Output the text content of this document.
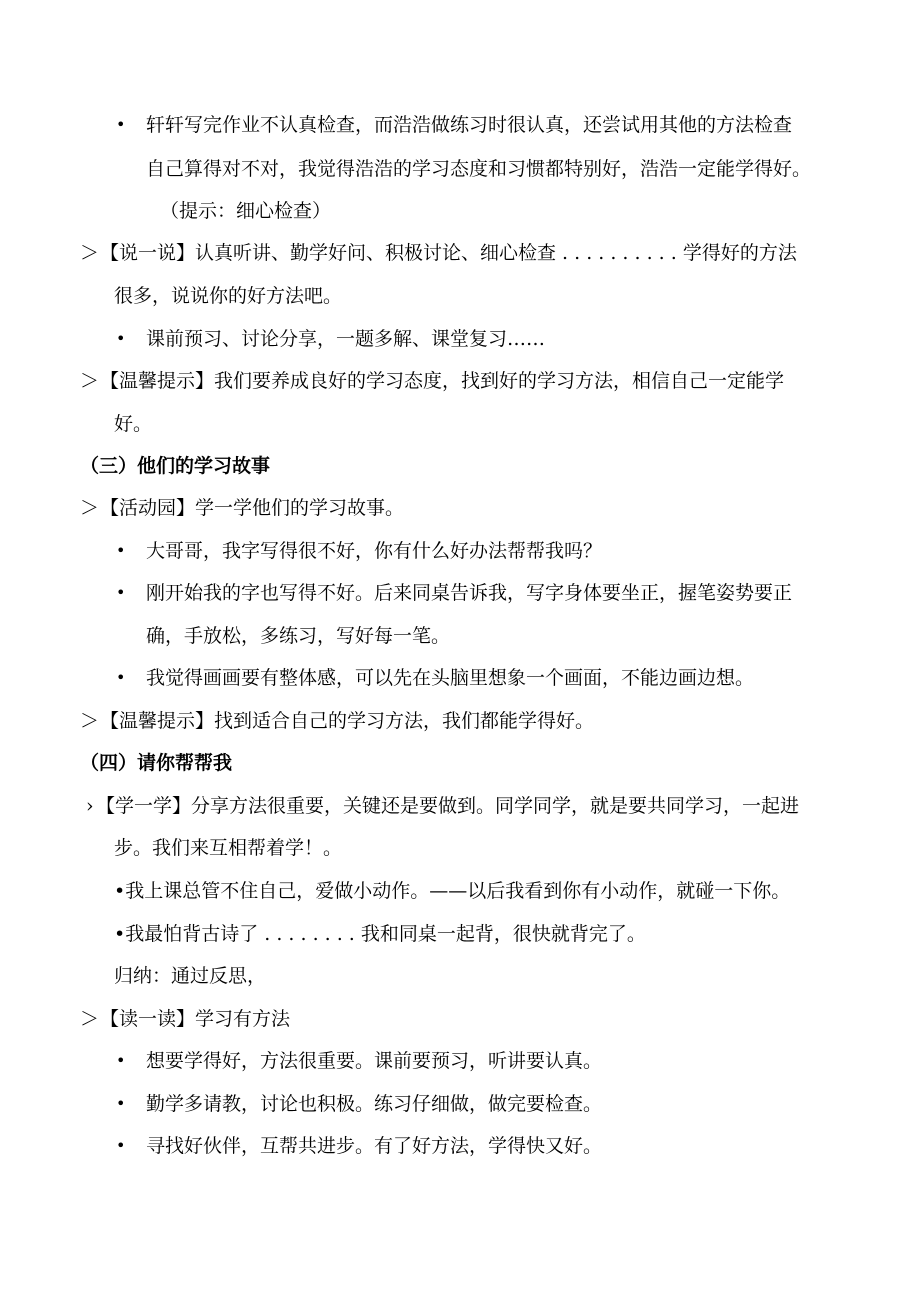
• 轩轩写完作业不认真检查，而浩浩做练习时很认真，还尝试用其他的方法检查
自己算得对不对，我觉得浩浩的学习态度和习惯都特别好，浩浩一定能学得好。
（提示：细心检查）
＞ 【说一说】认真听讲、勤学好问、积极讨论、细心检查 . . . . . . . . . . 学得好的方法
很多，说说你的好方法吧。
• 课前预习、讨论分享，一题多解、课堂复习……
＞ 【温馨提示】我们要养成良好的学习态度，找到好的学习方法，相信自己一定能学
好。
（三）他们的学习故事
＞ 【活动园】学一学他们的学习故事。
• 大哥哥，我字写得很不好，你有什么好办法帮帮我吗？
• 刚开始我的字也写得不好。后来同桌告诉我，写字身体要坐正，握笔姿势要正
确，手放松，多练习，写好每一笔。
• 我觉得画画要有整体感，可以先在头脑里想象一个画面，不能边画边想。
＞ 【温馨提示】找到适合自己的学习方法，我们都能学得好。
（四）请你帮帮我
› 【学一学】分享方法很重要，关键还是要做到。同学同学，就是要共同学习，一起进
步。我们来互相帮着学！。
•我上课总管不住自己，爱做小动作。——以后我看到你有小动作，就碰一下你。
•我最怕背古诗了 . . . . . . . . 我和同桌一起背，很快就背完了。
归纳：通过反思，
＞ 【读一读】学习有方法
• 想要学得好，方法很重要。课前要预习，听讲要认真。
• 勤学多请教，讨论也积极。练习仔细做，做完要检查。
• 寻找好伙伴，互帮共进步。有了好方法，学得快又好。
